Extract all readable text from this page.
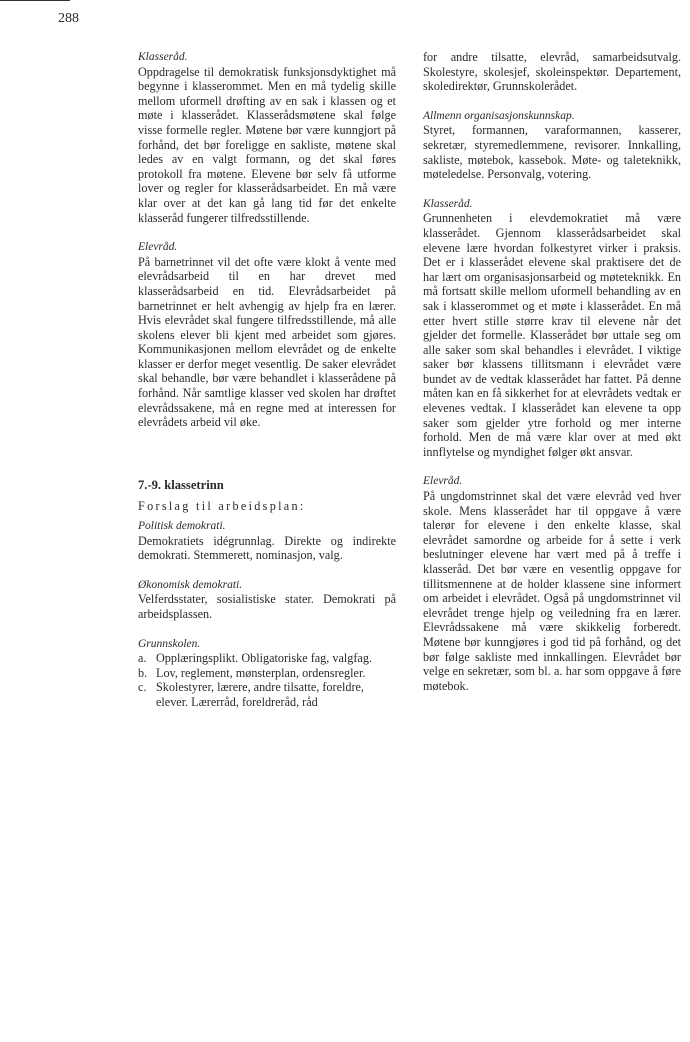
288

Klasseråd.

Oppdragelse til demokratisk funksjonsdyktighet må begynne i klasserommet. Men en må tydelig skille mellom uformell drøfting av en sak i klassen og et møte i klasserådet. Klasserådsmøtene skal følge visse formelle regler. Møtene bør være kunngjort på forhånd, det bør foreligge en sakliste, møtene skal ledes av en valgt formann, og det skal føres protokoll fra møtene. Elevene bør selv få utforme lover og regler for klasserådsarbeidet. En må være klar over at det kan gå lang tid før det enkelte klasseråd fungerer tilfredsstillende.

Elevråd.

På barnetrinnet vil det ofte være klokt å vente med elevrådsarbeid til en har drevet med klasserådsarbeid en tid. Elevrådsarbeidet på barnetrinnet er helt avhengig av hjelp fra en lærer. Hvis elevrådet skal fungere tilfredsstillende, må alle skolens elever bli kjent med arbeidet som gjøres. Kommunikasjonen mellom elevrådet og de enkelte klasser er derfor meget vesentlig. De saker elevrådet skal behandle, bør være behandlet i klasserådene på forhånd. Når samtlige klasser ved skolen har drøftet elevrådssakene, må en regne med at interessen for elevrådets arbeid vil øke.

7.-9. klassetrinn

Forslag til arbeidsplan:

Politisk demokrati.

Demokratiets idégrunnlag. Direkte og indirekte demokrati. Stemmerett, nominasjon, valg.

Økonomisk demokrati.

Velferdsstater, sosialistiske stater. Demokrati på arbeidsplassen.

Grunnskolen.

a. Opplæringsplikt. Obligatoriske fag, valgfag.
b. Lov, reglement, mønsterplan, ordensregler.
c. Skolestyrer, lærere, andre tilsatte, foreldre, elever. Lærerråd, foreldreråd, råd

for andre tilsatte, elevråd, samarbeidsutvalg. Skolestyre, skolesjef, skoleinspektør. Departement, skoledirektør, Grunnskolerådet.

Allmenn organisasjonskunnskap.

Styret, formannen, varaformannen, kasserer, sekretær, styremedlemmene, revisorer. Innkalling, sakliste, møtebok, kassebok. Møte- og taleteknikk, møteledelse. Personvalg, votering.

Klasseråd.

Grunnenheten i elevdemokratiet må være klasserådet. Gjennom klasserådsarbeidet skal elevene lære hvordan folkestyret virker i praksis. Det er i klasserådet elevene skal praktisere det de har lært om organisasjonsarbeid og møteteknikk. En må fortsatt skille mellom uformell behandling av en sak i klasserommet og et møte i klasserådet. En må etter hvert stille større krav til elevene når det gjelder det formelle. Klasserådet bør uttale seg om alle saker som skal behandles i elevrådet. I viktige saker bør klassens tillitsmann i elevrådet være bundet av de vedtak klasserådet har fattet. På denne måten kan en få sikkerhet for at elevrådets vedtak er elevenes vedtak. I klasserådet kan elevene ta opp saker som gjelder ytre forhold og mer interne forhold. Men de må være klar over at med økt innflytelse og myndighet følger økt ansvar.

Elevråd.

På ungdomstrinnet skal det være elevråd ved hver skole. Mens klasserådet har til oppgave å være talerør for elevene i den enkelte klasse, skal elevrådet samordne og arbeide for å sette i verk beslutninger elevene har vært med på å treffe i klasseråd. Det bør være en vesentlig oppgave for tillitsmennene at de holder klassene sine informert om arbeidet i elevrådet. Også på ungdomstrinnet vil elevrådet trenge hjelp og veiledning fra en lærer. Elevrådssakene må være skikkelig forberedt. Møtene bør kunngjøres i god tid på forhånd, og det bør følge sakliste med innkallingen. Elevrådet bør velge en sekretær, som bl. a. har som oppgave å føre møtebok.
